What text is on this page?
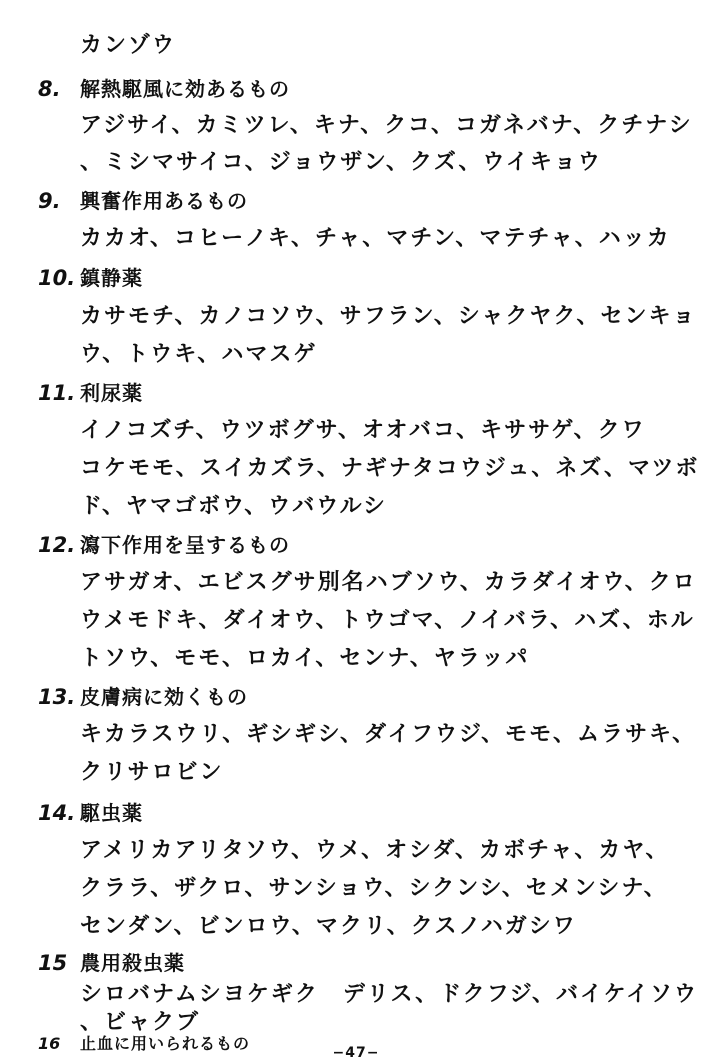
カンゾウ
8. 解熱駆風に効あるもの
アジサイ、カミツレ、キナ、クコ、コガネバナ、クチナシ
、ミシマサイコ、ジョウザン、クズ、ウイキョウ
9. 興奮作用あるもの
カカオ、コヒーノキ、チャ、マチン、マテチャ、ハッカ
10. 鎮静薬
カサモチ、カノコソウ、サフラン、シャクヤク、センキョ
ウ、トウキ、ハマスゲ
11. 利尿薬
イノコズチ、ウツボグサ、オオバコ、キササゲ、クワ
コケモモ、スイカズラ、ナギナタコウジュ、ネズ、マツボ
ド、ヤマゴボウ、ウバウルシ
12. 瀉下作用を呈するもの
アサガオ、エビスグサ別名ハブソウ、カラダイオウ、クロ
ウメモドキ、ダイオウ、トウゴマ、ノイバラ、ハズ、ホル
トソウ、モモ、ロカイ、センナ、ヤラッパ
13. 皮膚病に効くもの
キカラスウリ、ギシギシ、ダイフウジ、モモ、ムラサキ、
クリサロビン
14. 駆虫薬
アメリカアリタソウ、ウメ、オシダ、カボチャ、カヤ、
クララ、ザクロ、サンショウ、シクンシ、セメンシナ、
センダン、ビンロウ、マクリ、クスノハガシワ
15 農用殺虫薬
シロバナムシヨケギク　デリス、ドクフジ、バイケイソウ
、ビャクブ
16 止血に用いられるもの	−47−
